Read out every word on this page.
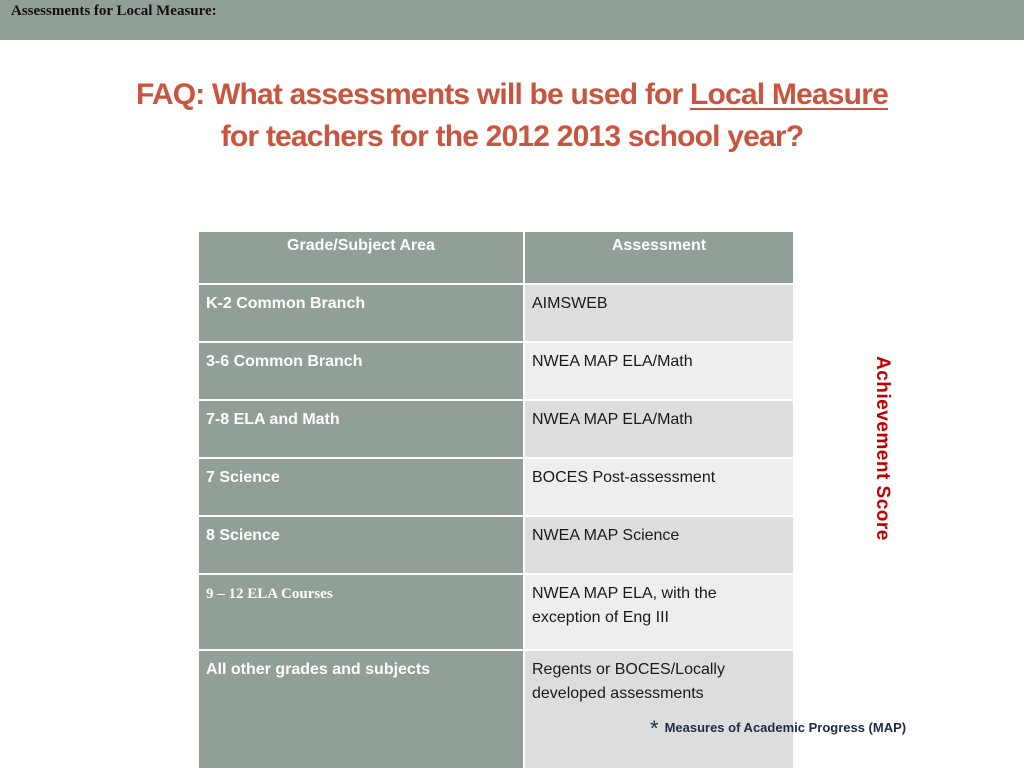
Assessments for Local Measure:
FAQ: What assessments will be used for Local Measure
for teachers for the 2012 2013 school year?
Grade/Subject Area	Assessment
K-2 Common Branch	AIMSWEB
3-6 Common Branch	NWEA MAP ELA/Math
7-8 ELA and Math	NWEA MAP ELA/Math
7 Science	BOCES Post-assessment
8 Science	NWEA MAP Science
9 – 12 ELA Courses	NWEA MAP ELA, with the exception of Eng III
All other grades and subjects	Regents or BOCES/Locally developed assessments
Achievement Score
* Measures of Academic Progress (MAP)
